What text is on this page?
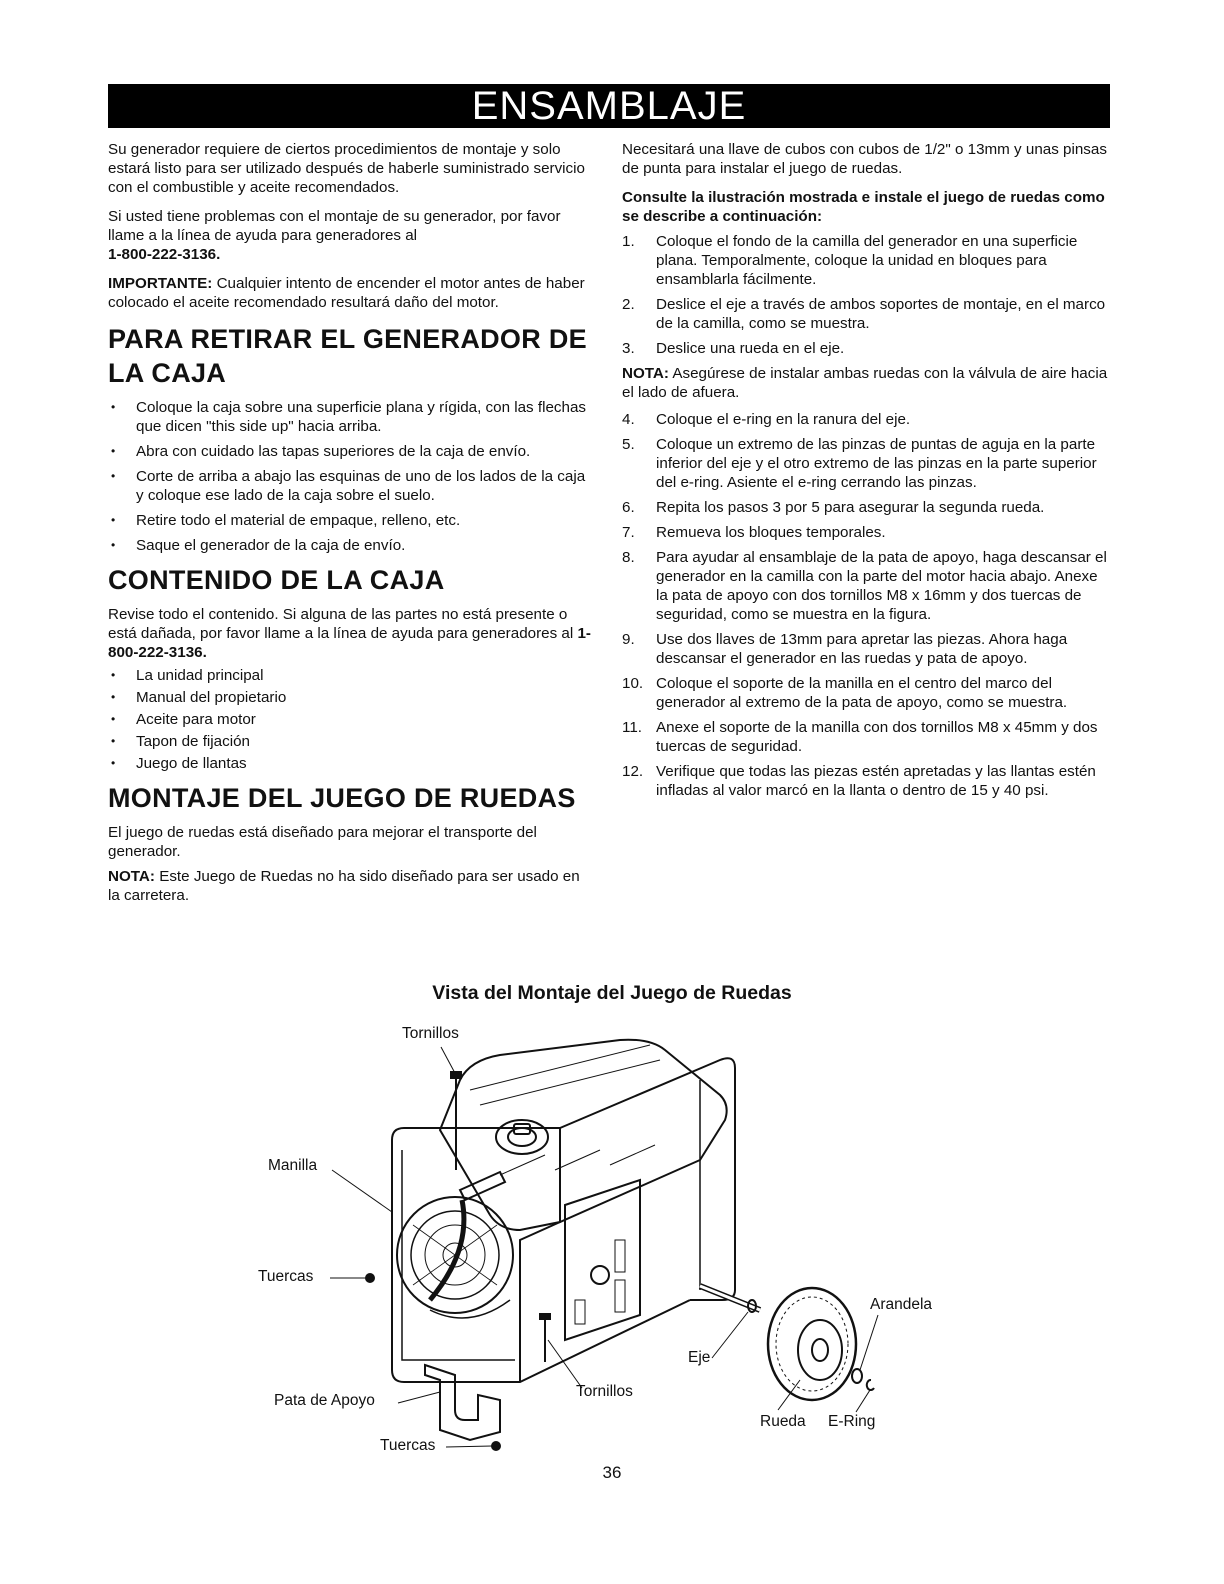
ENSAMBLAJE

Su generador requiere de ciertos procedimientos de montaje y solo estará listo para ser utilizado después de haberle suministrado servicio con el combustible y aceite recomendados.

Si usted tiene problemas con el montaje de su generador, por favor llame a la línea de ayuda para generadores al
1-800-222-3136.

IMPORTANTE: Cualquier intento de encender el motor antes de haber colocado el aceite recomendado resultará daño del motor.

PARA RETIRAR EL GENERADOR DE LA CAJA
• Coloque la caja sobre una superficie plana y rígida, con las flechas que dicen "this side up" hacia arriba.
• Abra con cuidado las tapas superiores de la caja de envío.
• Corte de arriba a abajo las esquinas de uno de los lados de la caja y coloque ese lado de la caja sobre el suelo.
• Retire todo el material de empaque, relleno, etc.
• Saque el generador de la caja de envío.
CONTENIDO DE LA CAJA

Revise todo el contenido. Si alguna de las partes no está presente o está dañada, por favor llame a la línea de ayuda para generadores al 1-800-222-3136.

• La unidad principal
• Manual del propietario
• Aceite para motor
• Tapon de fijación
• Juego de llantas
MONTAJE DEL JUEGO DE RUEDAS

El juego de ruedas está diseñado para mejorar el transporte del generador.

NOTA: Este Juego de Ruedas no ha sido diseñado para ser usado en la carretera.

Necesitará una llave de cubos con cubos de 1/2" o 13mm y unas pinsas de punta para instalar el juego de ruedas.

Consulte la ilustración mostrada e instale el juego de ruedas como se describe a continuación:

1. Coloque el fondo de la camilla del generador en una superficie plana. Temporalmente, coloque la unidad en bloques para ensamblarla fácilmente.
2. Deslice el eje a través de ambos soportes de montaje, en el marco de la camilla, como se muestra.
3. Deslice una rueda en el eje.

NOTA: Asegúrese de instalar ambas ruedas con la válvula de aire hacia el lado de afuera.

4. Coloque el e-ring en la ranura del eje.
5. Coloque un extremo de las pinzas de puntas de aguja en la parte inferior del eje y el otro extremo de las pinzas en la parte superior del e-ring. Asiente el e-ring cerrando las pinzas.
6. Repita los pasos 3 por 5 para asegurar la segunda rueda.
7. Remueva los bloques temporales.
8. Para ayudar al ensamblaje de la pata de apoyo, haga descansar el generador en la camilla con la parte del motor hacia abajo. Anexe la pata de apoyo con dos tornillos M8 x 16mm y dos tuercas de seguridad, como se muestra en la figura.
9. Use dos llaves de 13mm para apretar las piezas. Ahora haga descansar el generador en las ruedas y pata de apoyo.
10. Coloque el soporte de la manilla en el centro del marco del generador al extremo de la pata de apoyo, como se muestra.
11. Anexe el soporte de la manilla con dos tornillos M8 x 45mm y dos tuercas de seguridad.
12. Verifique que todas las piezas estén apretadas y las llantas estén infladas al valor marcó en la llanta o dentro de 15 y 40 psi.
Vista del Montaje del Juego de Ruedas
Tornillos
Manilla
Tuercas
Pata de Apoyo
Tuercas
Tornillos
Eje
Arandela
Rueda E-Ring
36
